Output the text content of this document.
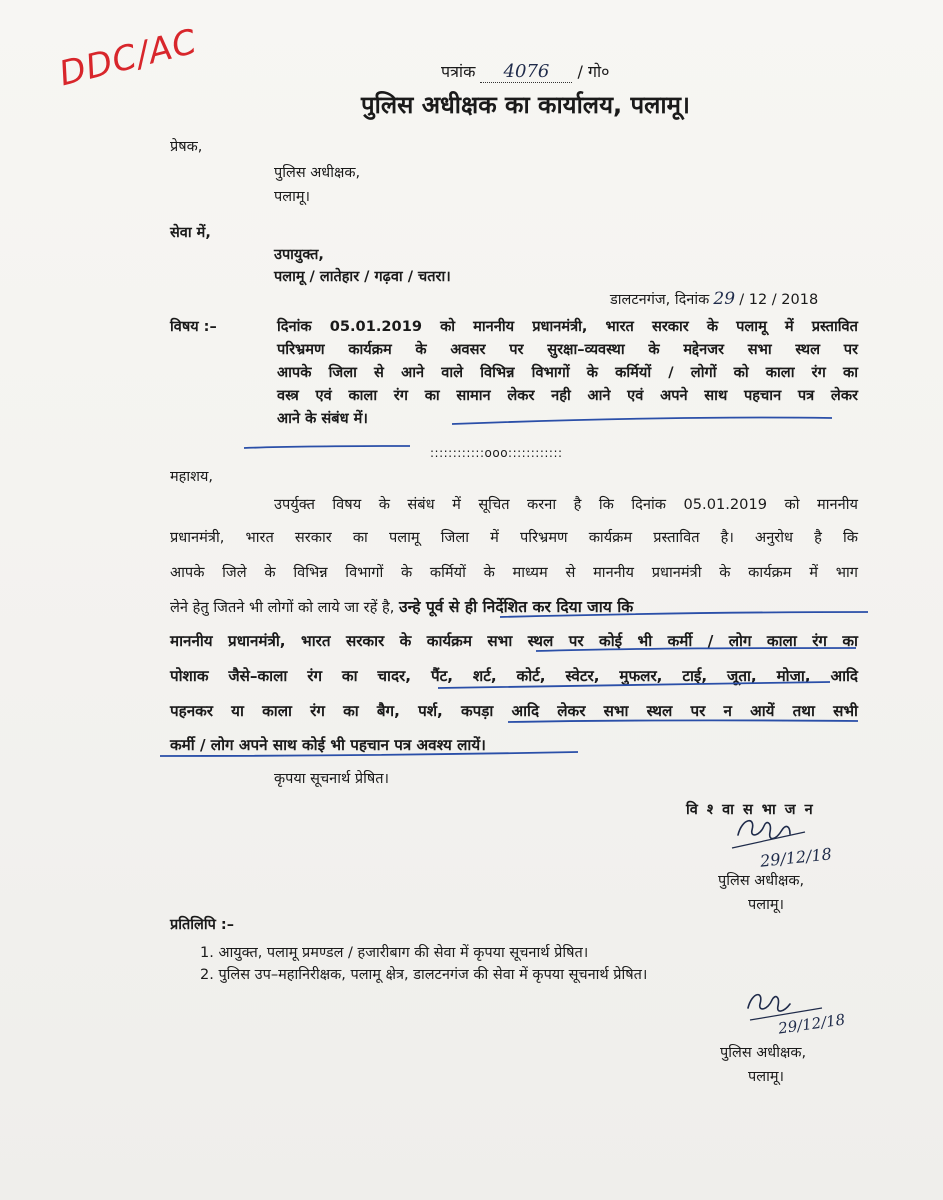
DDC/AC	पत्रांक 4076 / गो०
पुलिस अधीक्षक का कार्यालय, पलामू।
प्रेषक,
पुलिस अधीक्षक,
पलामू।
सेवा में,
उपायुक्त,
पलामू / लातेहार / गढ़वा / चतरा।
डालटनगंज, दिनांक 29 / 12 / 2018
विषय :–	दिनांक 05.01.2019 को माननीय प्रधानमंत्री, भारत सरकार के पलामू में प्रस्तावित
परिभ्रमण कार्यक्रम के अवसर पर सुरक्षा–व्यवस्था के मद्देनजर सभा स्थल पर
आपके जिला से आने वाले विभिन्न विभागों के कर्मियों / लोगों को काला रंग का
वस्त्र एवं काला रंग का सामान लेकर नही आने एवं अपने साथ पहचान पत्र लेकर
आने के संबंध में।
::::::::::::ooo::::::::::::
महाशय,
उपर्युक्त विषय के संबंध में सूचित करना है कि दिनांक 05.01.2019 को माननीय
प्रधानमंत्री, भारत सरकार का पलामू जिला में परिभ्रमण कार्यक्रम प्रस्तावित है। अनुरोध है कि
आपके जिले के विभिन्न विभागों के कर्मियों के माध्यम से माननीय प्रधानमंत्री के कार्यक्रम में भाग
लेने हेतु जितने भी लोगों को लाये जा रहें है, उन्हे पूर्व से ही निर्देशित कर दिया जाय कि
माननीय प्रधानमंत्री, भारत सरकार के कार्यक्रम सभा स्थल पर कोई भी कर्मी / लोग काला रंग का
पोशाक जैसे–काला रंग का चादर, पैंट, शर्ट, कोर्ट, स्वेटर, मुफलर, टाई, जूता, मोजा, आदि
पहनकर या काला रंग का बैग, पर्श, कपड़ा आदि लेकर सभा स्थल पर न आयें तथा सभी
कर्मी / लोग अपने साथ कोई भी पहचान पत्र अवश्य लायें।
कृपया सूचनार्थ प्रेषित।
वि श्‍ वा स भा ज न
29/12/18
पुलिस अधीक्षक,
पलामू।
प्रतिलिपि :–
1. आयुक्त, पलामू प्रमण्डल / हजारीबाग की सेवा में कृपया सूचनार्थ प्रेषित।
2. पुलिस उप–महानिरीक्षक, पलामू क्षेत्र, डालटनगंज की सेवा में कृपया सूचनार्थ प्रेषित।
29/12/18
पुलिस अधीक्षक,
पलामू।
